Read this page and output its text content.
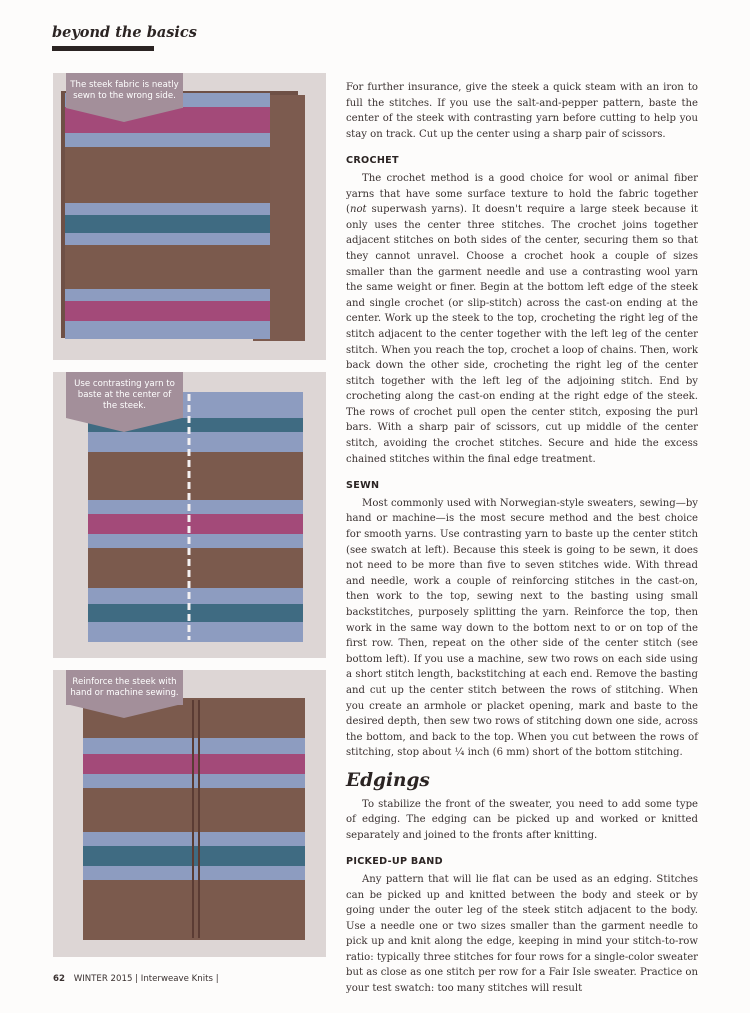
beyond the basics
The steek fabric is neatly sewn to the wrong side.
Use contrasting yarn to baste at the center of the steek.
Reinforce the steek with hand or machine sewing.

For further insurance, give the steek a quick steam with an iron to full the stitches. If you use the salt-and-pepper pattern, baste the center of the steek with contrasting yarn before cutting to help you stay on track. Cut up the center using a sharp pair of scissors.

CROCHET

The crochet method is a good choice for wool or animal fiber yarns that have some surface texture to hold the fabric together (not superwash yarns). It doesn't require a large steek because it only uses the center three stitches. The crochet joins together adjacent stitches on both sides of the center, securing them so that they cannot unravel. Choose a crochet hook a couple of sizes smaller than the garment needle and use a contrasting wool yarn the same weight or finer. Begin at the bottom left edge of the steek and single crochet (or slip-stitch) across the cast-on ending at the center. Work up the steek to the top, crocheting the right leg of the stitch adjacent to the center together with the left leg of the center stitch. When you reach the top, crochet a loop of chains. Then, work back down the other side, crocheting the right leg of the center stitch together with the left leg of the adjoining stitch. End by crocheting along the cast-on ending at the right edge of the steek. The rows of crochet pull open the center stitch, exposing the purl bars. With a sharp pair of scissors, cut up middle of the center stitch, avoiding the crochet stitches. Secure and hide the excess chained stitches within the final edge treatment.

SEWN

Most commonly used with Norwegian-style sweaters, sewing—by hand or machine—is the most secure method and the best choice for smooth yarns. Use contrasting yarn to baste up the center stitch (see swatch at left). Because this steek is going to be sewn, it does not need to be more than five to seven stitches wide. With thread and needle, work a couple of reinforcing stitches in the cast-on, then work to the top, sewing next to the basting using small backstitches, purposely splitting the yarn. Reinforce the top, then work in the same way down to the bottom next to or on top of the first row. Then, repeat on the other side of the center stitch (see bottom left). If you use a machine, sew two rows on each side using a short stitch length, backstitching at each end. Remove the basting and cut up the center stitch between the rows of stitching. When you create an armhole or placket opening, mark and baste to the desired depth, then sew two rows of stitching down one side, across the bottom, and back to the top. When you cut between the rows of stitching, stop about ¼ inch (6 mm) short of the bottom stitching.

Edgings

To stabilize the front of the sweater, you need to add some type of edging. The edging can be picked up and worked or knitted separately and joined to the fronts after knitting.

PICKED-UP BAND

Any pattern that will lie flat can be used as an edging. Stitches can be picked up and knitted between the body and steek or by going under the outer leg of the steek stitch adjacent to the body. Use a needle one or two sizes smaller than the garment needle to pick up and knit along the edge, keeping in mind your stitch-to-row ratio: typically three stitches for four rows for a single-color sweater but as close as one stitch per row for a Fair Isle sweater. Practice on your test swatch: too many stitches will result

62 WINTER 2015 | Interweave Knits |
